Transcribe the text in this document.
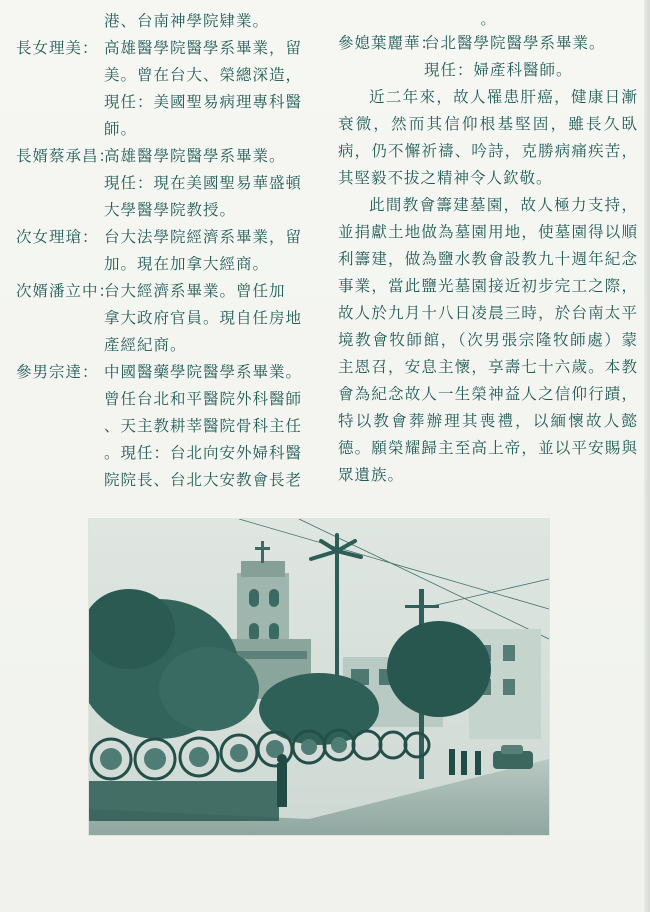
港、台南神學院肄業。
長女理美： 高雄醫學院醫學系畢業，留
美。曾在台大、榮總深造，
現任：美國聖易病理專科醫
師。
長婿蔡承昌：
高雄醫學院醫學系畢業。
現任：現在美國聖易華盛頓
大學醫學院教授。
次女理瑲： 台大法學院經濟系畢業，留
加。現在加拿大經商。
次婿潘立中：
台大經濟系畢業。曾任加
拿大政府官員。現自任房地
產經紀商。
參男宗達： 中國醫藥學院醫學系畢業。
曾任台北和平醫院外科醫師
、天主教耕莘醫院骨科主任
。現任：台北向安外婦科醫
院院長、台北大安教會長老
。
參媳葉麗華：
台北醫學院醫學系畢業。
現任：婦產科醫師。

近二年來，故人罹患肝癌，健康日漸衰微，然而其信仰根基堅固，雖長久臥病，仍不懈祈禱、吟詩，克勝病痛疾苦，其堅毅不拔之精神令人欽敬。

此間教會籌建墓園，故人極力支持，並捐獻土地做為墓園用地，使墓園得以順利籌建，做為鹽水教會設教九十週年紀念事業，當此鹽光墓園接近初步完工之際，故人於九月十八日凌晨三時，於台南太平境教會牧師館，（次男張宗隆牧師處）蒙主恩召，安息主懷，享壽七十六歲。本教會為紀念故人一生榮神益人之信仰行蹟，特以教會葬辦理其喪禮，以緬懷故人懿德。願榮耀歸主至高上帝，並以平安賜與眾遺族。
